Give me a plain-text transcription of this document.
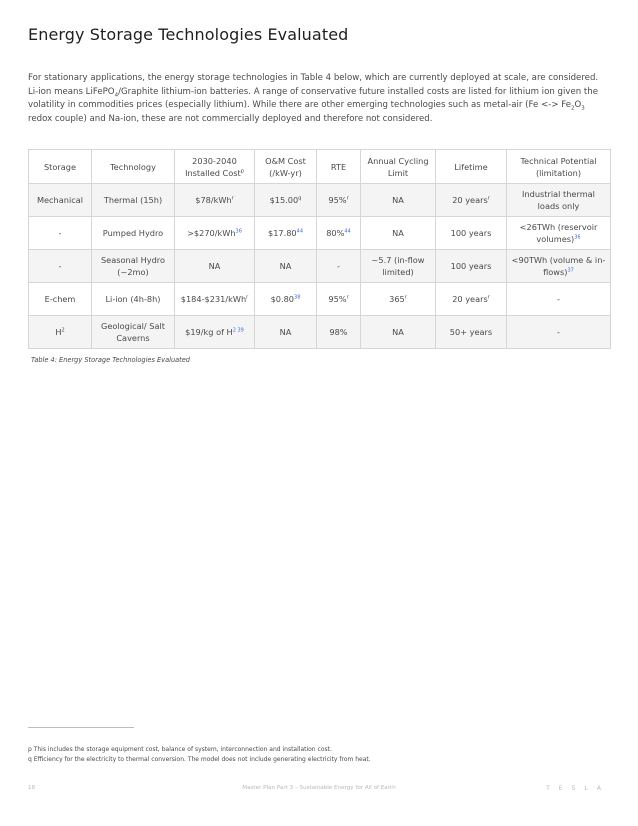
Energy Storage Technologies Evaluated

For stationary applications, the energy storage technologies in Table 4 below, which are currently deployed at scale, are considered. Li-ion means LiFePO$_4$/Graphite lithium-ion batteries. A range of conservative future installed costs are listed for lithium ion given the volatility in commodities prices (especially lithium). While there are other emerging technologies such as metal-air (Fe <-> $Fe_2O_3$ redox couple) and Na-ion, these are not commercially deployed and therefore not considered.

Storage	Technology	2030-2040 Installed Cost$^p$	O&M Cost (/kW-yr)	RTE	Annual Cycling Limit	Lifetime	Technical Potential (limitation)
Mechanical	Thermal (15h)	$78/kWh$^r$	$15.00$^q$	95%$^r$	NA	20 years$^r$	Industrial thermal loads only
-	Pumped Hydro	>$270/kWh$^{36}$	$17.80$^{44}$	80%$^{44}$	NA	100 years	<26TWh (reservoir volumes)$^{36}$
-	Seasonal Hydro (~2mo)	NA	NA	-	~5.7 (in-flow limited)	100 years	<90TWh (volume & in-flows)$^{37}$
E-chem	Li-ion (4h-8h)	$184-$231/kWh$^r$	$0.80$^{38}$	95%$^r$	365$^r$	20 years$^r$	-
$H^2$	Geological/ Salt Caverns	$19/kg of H$^{2 39}$	NA	98%	NA	50+ years	-
Table 4: Energy Storage Technologies Evaluated
p This includes the storage equipment cost, balance of system, interconnection and installation cost.
q Efficiency for the electricity to thermal conversion. The model does not include generating electricity from heat.
18	Master Plan Part 3 – Sustainable Energy for All of Earth	TESLA
